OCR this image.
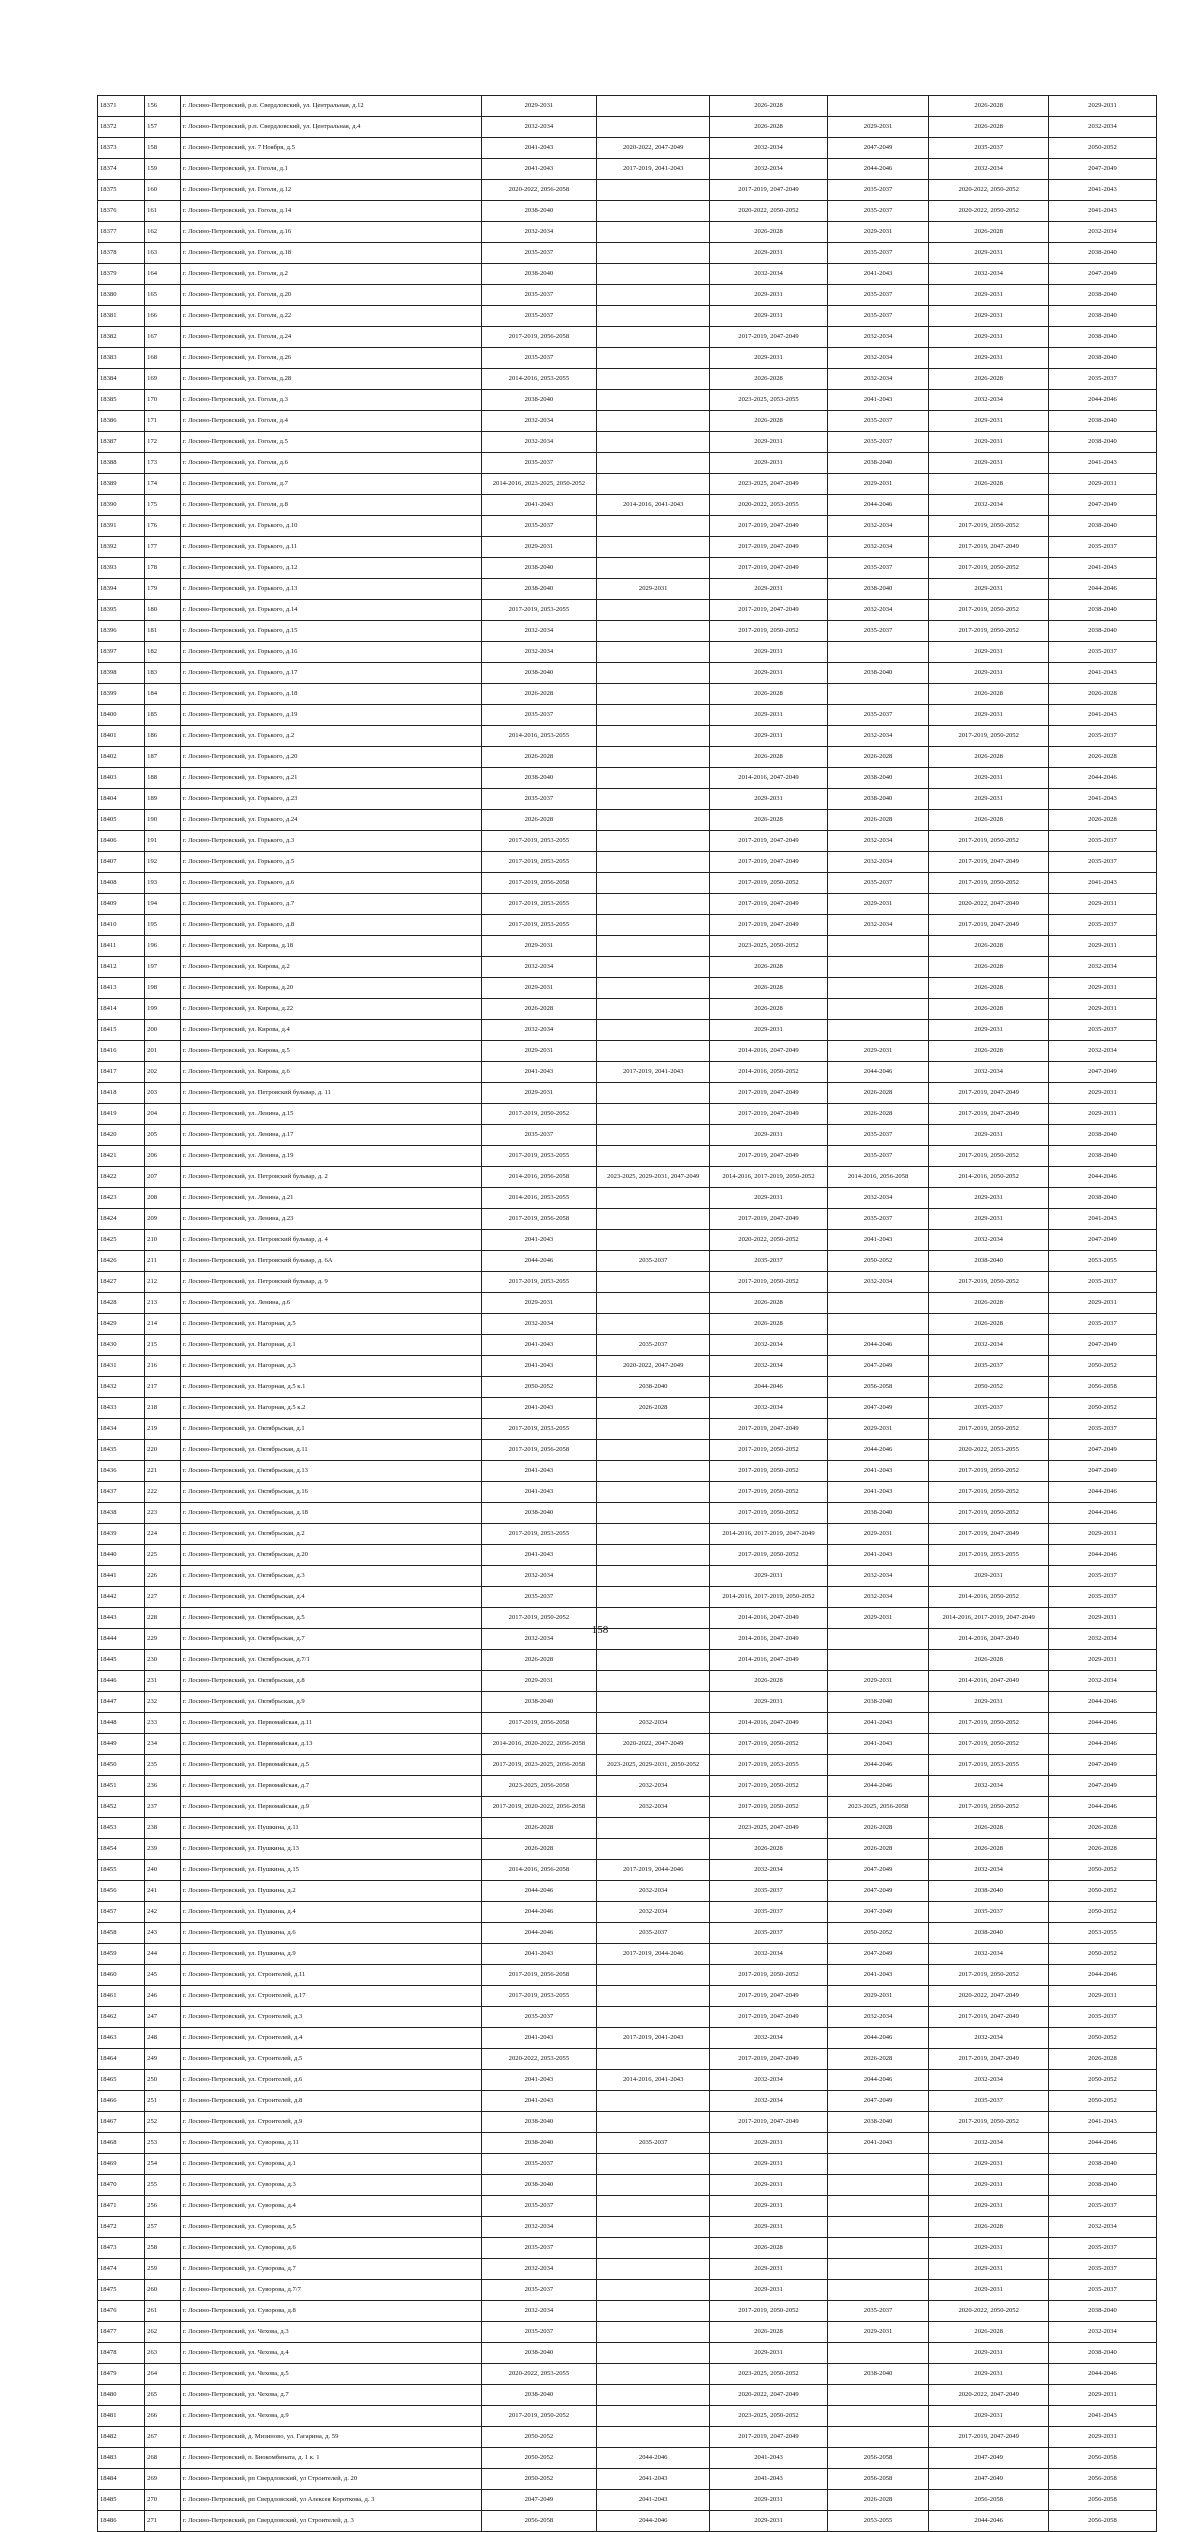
18371	156	г. Лосино-Петровский, р.п. Свердловский, ул. Центральная, д.12	2029-2031		2026-2028		2026-2028	2029-2031
18372	157	г. Лосино-Петровский, р.п. Свердловский, ул. Центральная, д.4	2032-2034		2026-2028	2029-2031	2026-2028	2032-2034
18373	158	г. Лосино-Петровский, ул. 7 Ноября, д.5	2041-2043	2020-2022, 2047-2049	2032-2034	2047-2049	2035-2037	2050-2052
18374	159	г. Лосино-Петровский, ул. Гоголя, д.1	2041-2043	2017-2019, 2041-2043	2032-2034	2044-2046	2032-2034	2047-2049
18375	160	г. Лосино-Петровский, ул. Гоголя, д.12	2020-2022, 2056-2058		2017-2019, 2047-2049	2035-2037	2020-2022, 2050-2052	2041-2043
18376	161	г. Лосино-Петровский, ул. Гоголя, д.14	2038-2040		2020-2022, 2050-2052	2035-2037	2020-2022, 2050-2052	2041-2043
18377	162	г. Лосино-Петровский, ул. Гоголя, д.16	2032-2034		2026-2028	2029-2031	2026-2028	2032-2034
18378	163	г. Лосино-Петровский, ул. Гоголя, д.18	2035-2037		2029-2031	2035-2037	2029-2031	2038-2040
18379	164	г. Лосино-Петровский, ул. Гоголя, д.2	2038-2040		2032-2034	2041-2043	2032-2034	2047-2049
18380	165	г. Лосино-Петровский, ул. Гоголя, д.20	2035-2037		2029-2031	2035-2037	2029-2031	2038-2040
18381	166	г. Лосино-Петровский, ул. Гоголя, д.22	2035-2037		2029-2031	2035-2037	2029-2031	2038-2040
18382	167	г. Лосино-Петровский, ул. Гоголя, д.24	2017-2019, 2056-2058		2017-2019, 2047-2049	2032-2034	2029-2031	2038-2040
18383	168	г. Лосино-Петровский, ул. Гоголя, д.26	2035-2037		2029-2031	2032-2034	2029-2031	2038-2040
18384	169	г. Лосино-Петровский, ул. Гоголя, д.28	2014-2016, 2053-2055		2026-2028	2032-2034	2026-2028	2035-2037
18385	170	г. Лосино-Петровский, ул. Гоголя, д.3	2038-2040		2023-2025, 2053-2055	2041-2043	2032-2034	2044-2046
18386	171	г. Лосино-Петровский, ул. Гоголя, д.4	2032-2034		2026-2028	2035-2037	2029-2031	2038-2040
18387	172	г. Лосино-Петровский, ул. Гоголя, д.5	2032-2034		2029-2031	2035-2037	2029-2031	2038-2040
18388	173	г. Лосино-Петровский, ул. Гоголя, д.6	2035-2037		2029-2031	2038-2040	2029-2031	2041-2043
18389	174	г. Лосино-Петровский, ул. Гоголя, д.7	2014-2016, 2023-2025, 2050-2052		2023-2025, 2047-2049	2029-2031	2026-2028	2029-2031
18390	175	г. Лосино-Петровский, ул. Гоголя, д.8	2041-2043	2014-2016, 2041-2043	2020-2022, 2053-2055	2044-2046	2032-2034	2047-2049
18391	176	г. Лосино-Петровский, ул. Горького, д.10	2035-2037		2017-2019, 2047-2049	2032-2034	2017-2019, 2050-2052	2038-2040
18392	177	г. Лосино-Петровский, ул. Горького, д.11	2029-2031		2017-2019, 2047-2049	2032-2034	2017-2019, 2047-2049	2035-2037
18393	178	г. Лосино-Петровский, ул. Горького, д.12	2038-2040		2017-2019, 2047-2049	2035-2037	2017-2019, 2050-2052	2041-2043
18394	179	г. Лосино-Петровский, ул. Горького, д.13	2038-2040	2029-2031	2029-2031	2038-2040	2029-2031	2044-2046
18395	180	г. Лосино-Петровский, ул. Горького, д.14	2017-2019, 2053-2055		2017-2019, 2047-2049	2032-2034	2017-2019, 2050-2052	2038-2040
18396	181	г. Лосино-Петровский, ул. Горького, д.15	2032-2034		2017-2019, 2050-2052	2035-2037	2017-2019, 2050-2052	2038-2040
18397	182	г. Лосино-Петровский, ул. Горького, д.16	2032-2034		2029-2031		2029-2031	2035-2037
18398	183	г. Лосино-Петровский, ул. Горького, д.17	2038-2040		2029-2031	2038-2040	2029-2031	2041-2043
18399	184	г. Лосино-Петровский, ул. Горького, д.18	2026-2028		2026-2028		2026-2028	2026-2028
18400	185	г. Лосино-Петровский, ул. Горького, д.19	2035-2037		2029-2031	2035-2037	2029-2031	2041-2043
18401	186	г. Лосино-Петровский, ул. Горького, д.2	2014-2016, 2053-2055		2029-2031	2032-2034	2017-2019, 2050-2052	2035-2037
18402	187	г. Лосино-Петровский, ул. Горького, д.20	2026-2028		2026-2028	2026-2028	2026-2028	2026-2028
18403	188	г. Лосино-Петровский, ул. Горького, д.21	2038-2040		2014-2016, 2047-2049	2038-2040	2029-2031	2044-2046
18404	189	г. Лосино-Петровский, ул. Горького, д.23	2035-2037		2029-2031	2038-2040	2029-2031	2041-2043
18405	190	г. Лосино-Петровский, ул. Горького, д.24	2026-2028		2026-2028	2026-2028	2026-2028	2026-2028
18406	191	г. Лосино-Петровский, ул. Горького, д.3	2017-2019, 2053-2055		2017-2019, 2047-2049	2032-2034	2017-2019, 2050-2052	2035-2037
18407	192	г. Лосино-Петровский, ул. Горького, д.5	2017-2019, 2053-2055		2017-2019, 2047-2049	2032-2034	2017-2019, 2047-2049	2035-2037
18408	193	г. Лосино-Петровский, ул. Горького, д.6	2017-2019, 2056-2058		2017-2019, 2050-2052	2035-2037	2017-2019, 2050-2052	2041-2043
18409	194	г. Лосино-Петровский, ул. Горького, д.7	2017-2019, 2053-2055		2017-2019, 2047-2049	2029-2031	2020-2022, 2047-2049	2029-2031
18410	195	г. Лосино-Петровский, ул. Горького, д.8	2017-2019, 2053-2055		2017-2019, 2047-2049	2032-2034	2017-2019, 2047-2049	2035-2037
18411	196	г. Лосино-Петровский, ул. Кирова, д.18	2029-2031		2023-2025, 2050-2052		2026-2028	2029-2031
18412	197	г. Лосино-Петровский, ул. Кирова, д.2	2032-2034		2026-2028		2026-2028	2032-2034
18413	198	г. Лосино-Петровский, ул. Кирова, д.20	2029-2031		2026-2028		2026-2028	2029-2031
18414	199	г. Лосино-Петровский, ул. Кирова, д.22	2026-2028		2026-2028		2026-2028	2029-2031
18415	200	г. Лосино-Петровский, ул. Кирова, д.4	2032-2034		2029-2031		2029-2031	2035-2037
18416	201	г. Лосино-Петровский, ул. Кирова, д.5	2029-2031		2014-2016, 2047-2049	2029-2031	2026-2028	2032-2034
18417	202	г. Лосино-Петровский, ул. Кирова, д.6	2041-2043	2017-2019, 2041-2043	2014-2016, 2050-2052	2044-2046	2032-2034	2047-2049
18418	203	г. Лосино-Петровский, ул. Петровский бульвар, д. 11	2029-2031		2017-2019, 2047-2049	2026-2028	2017-2019, 2047-2049	2029-2031
18419	204	г. Лосино-Петровский, ул. Ленина, д.15	2017-2019, 2050-2052		2017-2019, 2047-2049	2026-2028	2017-2019, 2047-2049	2029-2031
18420	205	г. Лосино-Петровский, ул. Ленина, д.17	2035-2037		2029-2031	2035-2037	2029-2031	2038-2040
18421	206	г. Лосино-Петровский, ул. Ленина, д.19	2017-2019, 2053-2055		2017-2019, 2047-2049	2035-2037	2017-2019, 2050-2052	2038-2040
18422	207	г. Лосино-Петровский, ул. Петровский бульвар, д. 2	2014-2016, 2056-2058	2023-2025, 2029-2031, 2047-2049	2014-2016, 2017-2019, 2050-2052	2014-2016, 2056-2058	2014-2016, 2050-2052	2044-2046
18423	208	г. Лосино-Петровский, ул. Ленина, д.21	2014-2016, 2053-2055		2029-2031	2032-2034	2029-2031	2038-2040
18424	209	г. Лосино-Петровский, ул. Ленина, д.23	2017-2019, 2056-2058		2017-2019, 2047-2049	2035-2037	2029-2031	2041-2043
18425	210	г. Лосино-Петровский, ул. Петровский бульвар, д. 4	2041-2043		2020-2022, 2050-2052	2041-2043	2032-2034	2047-2049
18426	211	г. Лосино-Петровский, ул. Петровский бульвар, д. 6А	2044-2046	2035-2037	2035-2037	2050-2052	2038-2040	2053-2055
18427	212	г. Лосино-Петровский, ул. Петровский бульвар, д. 9	2017-2019, 2053-2055		2017-2019, 2050-2052	2032-2034	2017-2019, 2050-2052	2035-2037
18428	213	г. Лосино-Петровский, ул. Ленина, д.6	2029-2031		2026-2028		2026-2028	2029-2031
18429	214	г. Лосино-Петровский, ул. Нагорная, д.5	2032-2034		2026-2028		2026-2028	2035-2037
18430	215	г. Лосино-Петровский, ул. Нагорная, д.1	2041-2043	2035-2037	2032-2034	2044-2046	2032-2034	2047-2049
18431	216	г. Лосино-Петровский, ул. Нагорная, д.3	2041-2043	2020-2022, 2047-2049	2032-2034	2047-2049	2035-2037	2050-2052
18432	217	г. Лосино-Петровский, ул. Нагорная, д.5 к.1	2050-2052	2038-2040	2044-2046	2056-2058	2050-2052	2056-2058
18433	218	г. Лосино-Петровский, ул. Нагорная, д.5 к.2	2041-2043	2026-2028	2032-2034	2047-2049	2035-2037	2050-2052
18434	219	г. Лосино-Петровский, ул. Октябрьская, д.1	2017-2019, 2053-2055		2017-2019, 2047-2049	2029-2031	2017-2019, 2050-2052	2035-2037
18435	220	г. Лосино-Петровский, ул. Октябрьская, д.11	2017-2019, 2056-2058		2017-2019, 2050-2052	2044-2046	2020-2022, 2053-2055	2047-2049
18436	221	г. Лосино-Петровский, ул. Октябрьская, д.13	2041-2043		2017-2019, 2050-2052	2041-2043	2017-2019, 2050-2052	2047-2049
18437	222	г. Лосино-Петровский, ул. Октябрьская, д.16	2041-2043		2017-2019, 2050-2052	2041-2043	2017-2019, 2050-2052	2044-2046
18438	223	г. Лосино-Петровский, ул. Октябрьская, д.18	2038-2040		2017-2019, 2050-2052	2038-2040	2017-2019, 2050-2052	2044-2046
18439	224	г. Лосино-Петровский, ул. Октябрьская, д.2	2017-2019, 2053-2055		2014-2016, 2017-2019, 2047-2049	2029-2031	2017-2019, 2047-2049	2029-2031
18440	225	г. Лосино-Петровский, ул. Октябрьская, д.20	2041-2043		2017-2019, 2050-2052	2041-2043	2017-2019, 2053-2055	2044-2046
18441	226	г. Лосино-Петровский, ул. Октябрьская, д.3	2032-2034		2029-2031	2032-2034	2029-2031	2035-2037
18442	227	г. Лосино-Петровский, ул. Октябрьская, д.4	2035-2037		2014-2016, 2017-2019, 2050-2052	2032-2034	2014-2016, 2050-2052	2035-2037
18443	228	г. Лосино-Петровский, ул. Октябрьская, д.5	2017-2019, 2050-2052		2014-2016, 2047-2049	2029-2031	2014-2016, 2017-2019, 2047-2049	2029-2031
18444	229	г. Лосино-Петровский, ул. Октябрьская, д.7	2032-2034		2014-2016, 2047-2049		2014-2016, 2047-2049	2032-2034
18445	230	г. Лосино-Петровский, ул. Октябрьская, д.7/1	2026-2028		2014-2016, 2047-2049		2026-2028	2029-2031
18446	231	г. Лосино-Петровский, ул. Октябрьская, д.8	2029-2031		2026-2028	2029-2031	2014-2016, 2047-2049	2032-2034
18447	232	г. Лосино-Петровский, ул. Октябрьская, д.9	2038-2040		2029-2031	2038-2040	2029-2031	2044-2046
18448	233	г. Лосино-Петровский, ул. Первомайская, д.11	2017-2019, 2056-2058	2032-2034	2014-2016, 2047-2049	2041-2043	2017-2019, 2050-2052	2044-2046
18449	234	г. Лосино-Петровский, ул. Первомайская, д.13	2014-2016, 2020-2022, 2056-2058	2020-2022, 2047-2049	2017-2019, 2050-2052	2041-2043	2017-2019, 2050-2052	2044-2046
18450	235	г. Лосино-Петровский, ул. Первомайская, д.5	2017-2019, 2023-2025, 2056-2058	2023-2025, 2029-2031, 2050-2052	2017-2019, 2053-2055	2044-2046	2017-2019, 2053-2055	2047-2049
18451	236	г. Лосино-Петровский, ул. Первомайская, д.7	2023-2025, 2056-2058	2032-2034	2017-2019, 2050-2052	2044-2046	2032-2034	2047-2049
18452	237	г. Лосино-Петровский, ул. Первомайская, д.9	2017-2019, 2020-2022, 2056-2058	2032-2034	2017-2019, 2050-2052	2023-2025, 2056-2058	2017-2019, 2050-2052	2044-2046
18453	238	г. Лосино-Петровский, ул. Пушкина, д.11	2026-2028		2023-2025, 2047-2049	2026-2028	2026-2028	2026-2028
18454	239	г. Лосино-Петровский, ул. Пушкина, д.13	2026-2028		2026-2028	2026-2028	2026-2028	2026-2028
18455	240	г. Лосино-Петровский, ул. Пушкина, д.15	2014-2016, 2056-2058	2017-2019, 2044-2046	2032-2034	2047-2049	2032-2034	2050-2052
18456	241	г. Лосино-Петровский, ул. Пушкина, д.2	2044-2046	2032-2034	2035-2037	2047-2049	2038-2040	2050-2052
18457	242	г. Лосино-Петровский, ул. Пушкина, д.4	2044-2046	2032-2034	2035-2037	2047-2049	2035-2037	2050-2052
18458	243	г. Лосино-Петровский, ул. Пушкина, д.6	2044-2046	2035-2037	2035-2037	2050-2052	2038-2040	2053-2055
18459	244	г. Лосино-Петровский, ул. Пушкина, д.9	2041-2043	2017-2019, 2044-2046	2032-2034	2047-2049	2032-2034	2050-2052
18460	245	г. Лосино-Петровский, ул. Строителей, д.11	2017-2019, 2056-2058		2017-2019, 2050-2052	2041-2043	2017-2019, 2050-2052	2044-2046
18461	246	г. Лосино-Петровский, ул. Строителей, д.17	2017-2019, 2053-2055		2017-2019, 2047-2049	2029-2031	2020-2022, 2047-2049	2029-2031
18462	247	г. Лосино-Петровский, ул. Строителей, д.3	2035-2037		2017-2019, 2047-2049	2032-2034	2017-2019, 2047-2049	2035-2037
18463	248	г. Лосино-Петровский, ул. Строителей, д.4	2041-2043	2017-2019, 2041-2043	2032-2034	2044-2046	2032-2034	2050-2052
18464	249	г. Лосино-Петровский, ул. Строителей, д.5	2020-2022, 2053-2055		2017-2019, 2047-2049	2026-2028	2017-2019, 2047-2049	2026-2028
18465	250	г. Лосино-Петровский, ул. Строителей, д.6	2041-2043	2014-2016, 2041-2043	2032-2034	2044-2046	2032-2034	2050-2052
18466	251	г. Лосино-Петровский, ул. Строителей, д.8	2041-2043		2032-2034	2047-2049	2035-2037	2050-2052
18467	252	г. Лосино-Петровский, ул. Строителей, д.9	2038-2040		2017-2019, 2047-2049	2038-2040	2017-2019, 2050-2052	2041-2043
18468	253	г. Лосино-Петровский, ул. Суворова, д.11	2038-2040	2035-2037	2029-2031	2041-2043	2032-2034	2044-2046
18469	254	г. Лосино-Петровский, ул. Суворова, д.1	2035-2037		2029-2031		2029-2031	2038-2040
18470	255	г. Лосино-Петровский, ул. Суворова, д.3	2038-2040		2029-2031		2029-2031	2038-2040
18471	256	г. Лосино-Петровский, ул. Суворова, д.4	2035-2037		2029-2031		2029-2031	2035-2037
18472	257	г. Лосино-Петровский, ул. Суворова, д.5	2032-2034		2029-2031		2026-2028	2032-2034
18473	258	г. Лосино-Петровский, ул. Суворова, д.6	2035-2037		2026-2028		2029-2031	2035-2037
18474	259	г. Лосино-Петровский, ул. Суворова, д.7	2032-2034		2029-2031		2029-2031	2035-2037
18475	260	г. Лосино-Петровский, ул. Суворова, д.7/7	2035-2037		2029-2031		2029-2031	2035-2037
18476	261	г. Лосино-Петровский, ул. Суворова, д.8	2032-2034		2017-2019, 2050-2052	2035-2037	2020-2022, 2050-2052	2038-2040
18477	262	г. Лосино-Петровский, ул. Чехова, д.3	2035-2037		2026-2028	2029-2031	2026-2028	2032-2034
18478	263	г. Лосино-Петровский, ул. Чехова, д.4	2038-2040		2029-2031		2029-2031	2038-2040
18479	264	г. Лосино-Петровский, ул. Чехова, д.5	2020-2022, 2053-2055		2023-2025, 2050-2052	2038-2040	2029-2031	2044-2046
18480	265	г. Лосино-Петровский, ул. Чехова, д.7	2038-2040		2020-2022, 2047-2049		2020-2022, 2047-2049	2029-2031
18481	266	г. Лосино-Петровский, ул. Чехова, д.9	2017-2019, 2050-2052		2023-2025, 2050-2052		2029-2031	2041-2043
18482	267	г. Лосино-Петровский, д. Мизиново, ул. Гагарина, д. 59	2050-2052		2017-2019, 2047-2049		2017-2019, 2047-2049	2029-2031
18483	268	г. Лосино-Петровский, п. Биокомбината, д. 1 к. 1	2050-2052	2044-2046	2041-2043	2056-2058	2047-2049	2056-2058
18484	269	г. Лосино-Петровский, рп Свердловский, ул Строителей, д. 20	2050-2052	2041-2043	2041-2043	2056-2058	2047-2049	2056-2058
18485	270	г. Лосино-Петровский, рп Свердловский, ул Алексея Короткова, д. 3	2047-2049	2041-2043	2029-2031	2026-2028	2056-2058	2056-2058
18486	271	г. Лосино-Петровский, рп Свердловский, ул Строителей, д. 3	2056-2058	2044-2046	2029-2031	2053-2055	2044-2046	2056-2058
158
